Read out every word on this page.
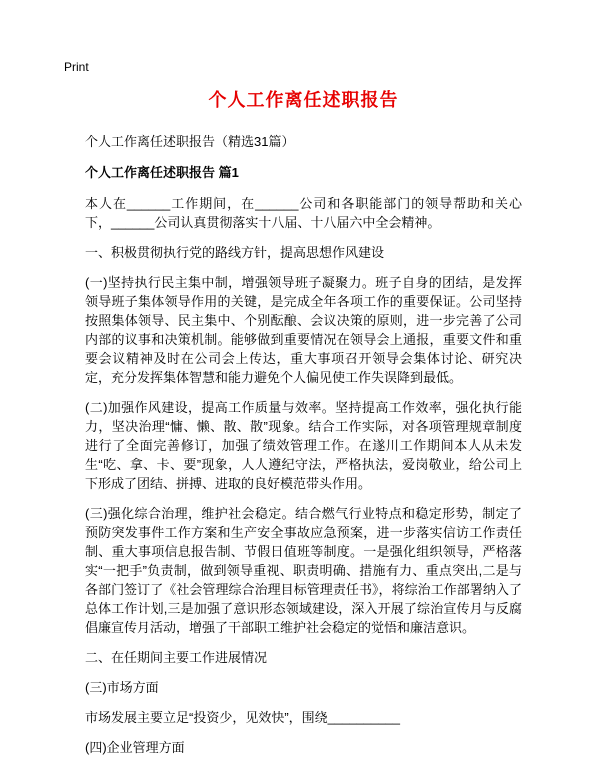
Print
个人工作离任述职报告
个人工作离任述职报告（精选31篇）
个人工作离任述职报告 篇1

本人在______工作期间，在______公司和各职能部门的领导帮助和关心下，______公司认真贯彻落实十八届、十八届六中全会精神。

一、积极贯彻执行党的路线方针，提高思想作风建设

(一)坚持执行民主集中制，增强领导班子凝聚力。班子自身的团结，是发挥领导班子集体领导作用的关键，是完成全年各项工作的重要保证。公司坚持按照集体领导、民主集中、个别酝酿、会议决策的原则，进一步完善了公司内部的议事和决策机制。能够做到重要情况在领导会上通报，重要文件和重要会议精神及时在公司会上传达，重大事项召开领导会集体讨论、研究决定，充分发挥集体智慧和能力避免个人偏见使工作失误降到最低。

(二)加强作风建设，提高工作质量与效率。坚持提高工作效率，强化执行能力，坚决治理“慵、懒、散、散”现象。结合工作实际，对各项管理规章制度进行了全面完善修订，加强了绩效管理工作。在遂川工作期间本人从未发生“吃、拿、卡、要”现象，人人遵纪守法，严格执法，爱岗敬业，给公司上下形成了团结、拼搏、进取的良好模范带头作用。

(三)强化综合治理，维护社会稳定。结合燃气行业特点和稳定形势，制定了预防突发事件工作方案和生产安全事故应急预案，进一步落实信访工作责任制、重大事项信息报告制、节假日值班等制度。一是强化组织领导，严格落实“一把手”负责制，做到领导重视、职责明确、措施有力、重点突出,二是与各部门签订了《社会管理综合治理目标管理责任书》，将综治工作部署纳入了总体工作计划,三是加强了意识形态领域建设，深入开展了综治宣传月与反腐倡廉宣传月活动，增强了干部职工维护社会稳定的觉悟和廉洁意识。

二、在任期间主要工作进展情况

(三)市场方面

市场发展主要立足“投资少，见效快”，围绕__________

(四)企业管理方面
